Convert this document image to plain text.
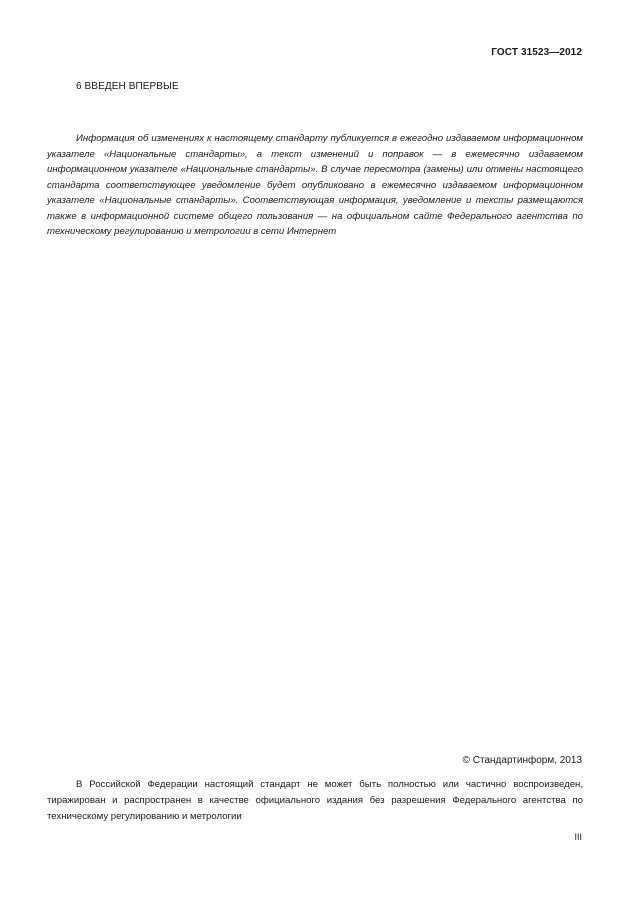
ГОСТ 31523—2012
6 ВВЕДЕН ВПЕРВЫЕ

Информация об изменениях к настоящему стандарту публикуется в ежегодно издаваемом информационном указателе «Национальные стандарты», а текст изменений и поправок — в ежемесячно издаваемом информационном указателе «Национальные стандарты». В случае пересмотра (замены) или отмены настоящего стандарта соответствующее уведомление будет опубликовано в ежемесячно издаваемом информационном указателе «Национальные стандарты». Соответствующая информация, уведомление и тексты размещаются также в информационной системе общего пользования — на официальном сайте Федерального агентства по техническому регулированию и метрологии в сети Интернет

© Стандартинформ, 2013

В Российской Федерации настоящий стандарт не может быть полностью или частично воспроизведен, тиражирован и распространен в качестве официального издания без разрешения Федерального агентства по техническому регулированию и метрологии

III
